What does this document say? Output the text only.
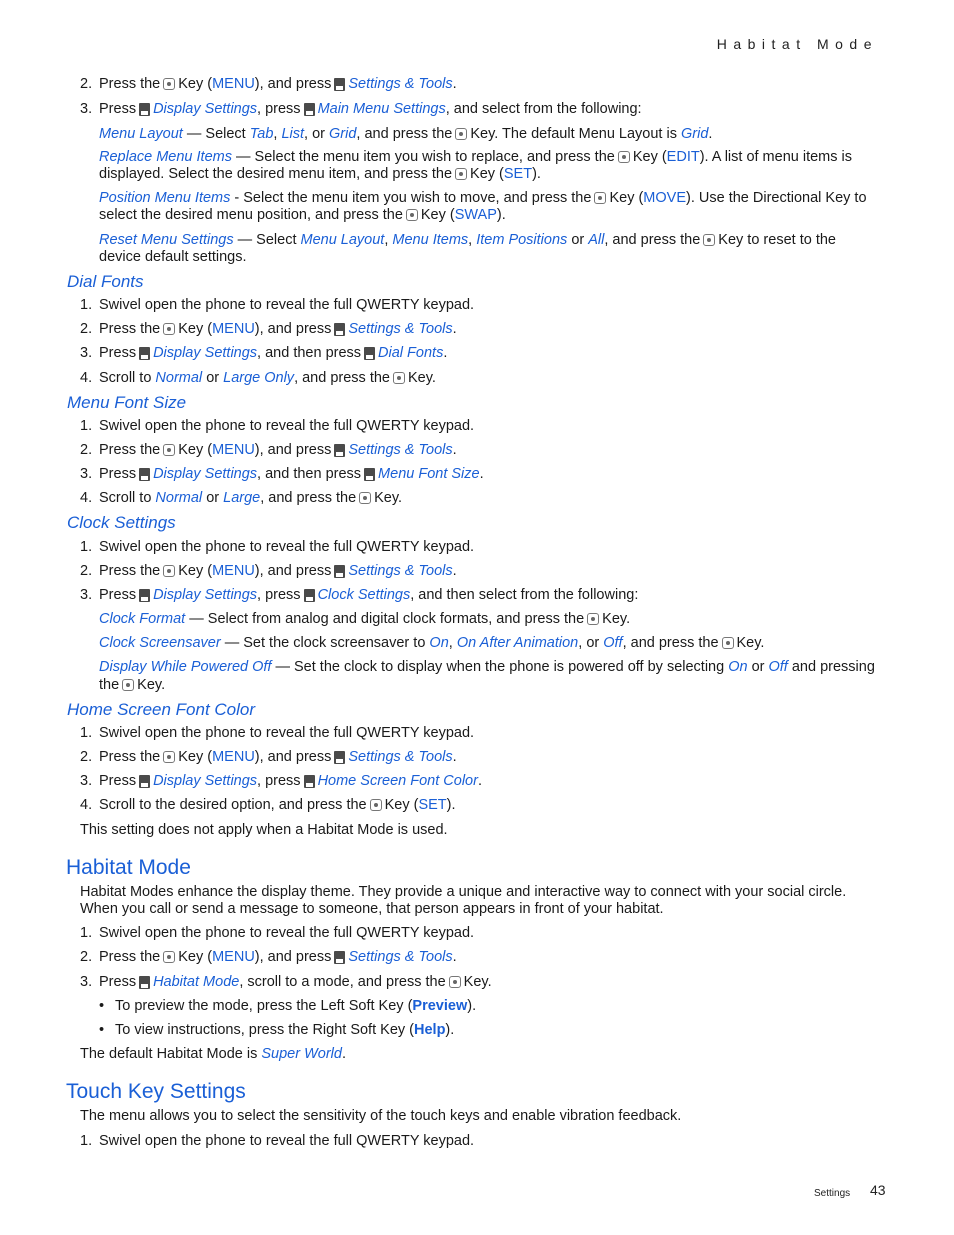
Habitat Mode
2. Press the Key (MENU), and press Settings & Tools.
3. Press Display Settings, press Main Menu Settings, and select from the following:
Menu Layout — Select Tab, List, or Grid, and press the Key. The default Menu Layout is Grid.
Replace Menu Items — Select the menu item you wish to replace, and press the Key (EDIT). A list of menu items is
displayed. Select the desired menu item, and press the Key (SET).
Position Menu Items - Select the menu item you wish to move, and press the Key (MOVE). Use the Directional Key to
select the desired menu position, and press the Key (SWAP).
Reset Menu Settings — Select Menu Layout, Menu Items, Item Positions or All, and press the Key to reset to the
device default settings.
Dial Fonts
1. Swivel open the phone to reveal the full QWERTY keypad.
2. Press the Key (MENU), and press Settings & Tools.
3. Press Display Settings, and then press Dial Fonts.
4. Scroll to Normal or Large Only, and press the Key.
Menu Font Size
1. Swivel open the phone to reveal the full QWERTY keypad.
2. Press the Key (MENU), and press Settings & Tools.
3. Press Display Settings, and then press Menu Font Size.
4. Scroll to Normal or Large, and press the Key.
Clock Settings
1. Swivel open the phone to reveal the full QWERTY keypad.
2. Press the Key (MENU), and press Settings & Tools.
3. Press Display Settings, press Clock Settings, and then select from the following:
Clock Format — Select from analog and digital clock formats, and press the Key.
Clock Screensaver — Set the clock screensaver to On, On After Animation, or Off, and press the Key.
Display While Powered Off — Set the clock to display when the phone is powered off by selecting On or Off and pressing
the Key.
Home Screen Font Color
1. Swivel open the phone to reveal the full QWERTY keypad.
2. Press the Key (MENU), and press Settings & Tools.
3. Press Display Settings, press Home Screen Font Color.
4. Scroll to the desired option, and press the Key (SET).
This setting does not apply when a Habitat Mode is used.
Habitat Mode
Habitat Modes enhance the display theme. They provide a unique and interactive way to connect with your social circle.
When you call or send a message to someone, that person appears in front of your habitat.
1. Swivel open the phone to reveal the full QWERTY keypad.
2. Press the Key (MENU), and press Settings & Tools.
3. Press Habitat Mode, scroll to a mode, and press the Key.
• To preview the mode, press the Left Soft Key (Preview).
• To view instructions, press the Right Soft Key (Help).
The default Habitat Mode is Super World.
Touch Key Settings
The menu allows you to select the sensitivity of the touch keys and enable vibration feedback.
1. Swivel open the phone to reveal the full QWERTY keypad.
Settings 43
